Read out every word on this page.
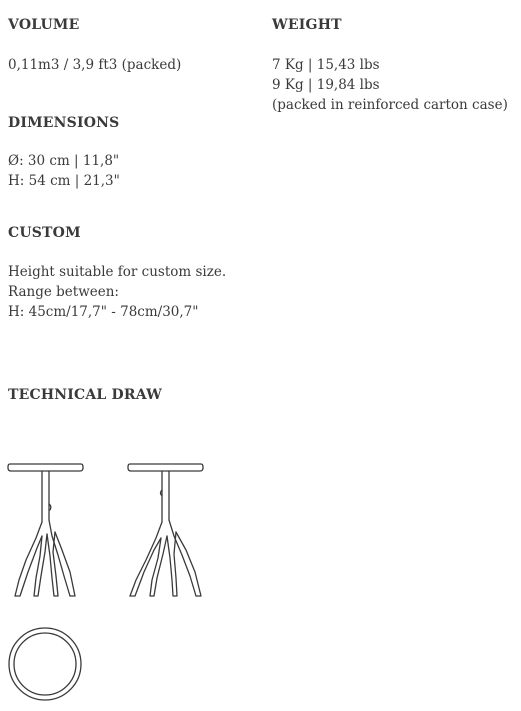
VOLUME
0,11m3 / 3,9 ft3 (packed)
WEIGHT
7 Kg | 15,43 lbs
9 Kg | 19,84 lbs
(packed in reinforced carton case)
DIMENSIONS
Ø: 30 cm | 11,8"
H: 54 cm | 21,3"
CUSTOM
Height suitable for custom size.
Range between:
H: 45cm/17,7" - 78cm/30,7"
TECHNICAL DRAW
